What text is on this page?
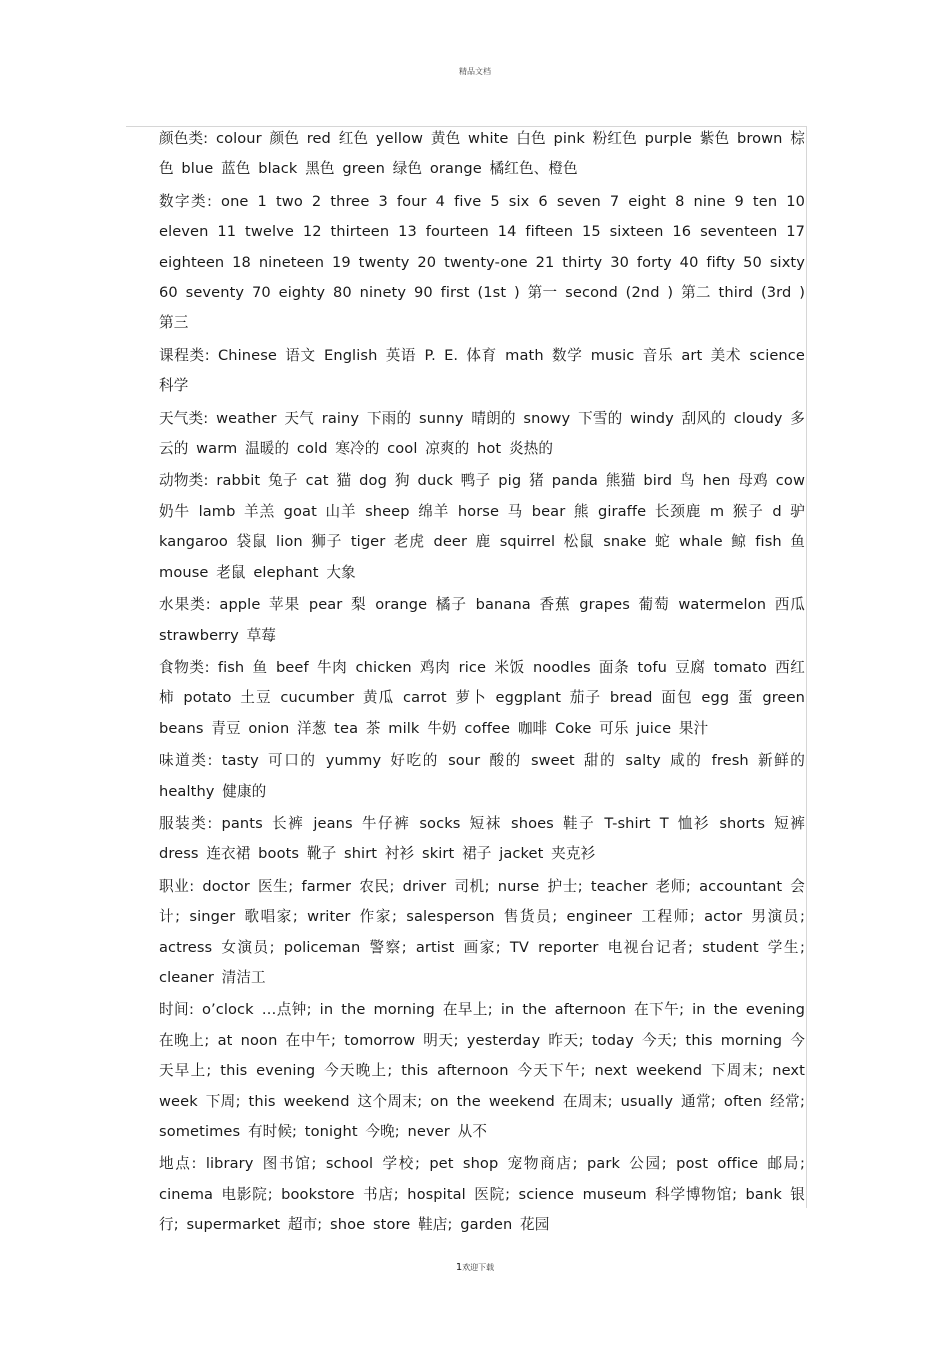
精品文档

颜色类: colour 颜色 red 红色 yellow 黄色 white 白色 pink 粉红色 purple 紫色 brown 棕色 blue 蓝色 black 黑色 green 绿色 orange 橘红色、橙色

数字类: one 1 two 2 three 3 four 4 five 5 six 6 seven 7 eight 8 nine 9 ten 10 eleven 11 twelve 12 thirteen 13 fourteen 14 fifteen 15 sixteen 16 seventeen 17 eighteen 18 nineteen 19 twenty 20 twenty-one 21 thirty 30 forty 40 fifty 50 sixty 60 seventy 70 eighty 80 ninety 90 first (1st ) 第一 second (2nd ) 第二 third (3rd ) 第三

课程类: Chinese 语文 English 英语 P. E. 体育 math 数学 music 音乐 art 美术 science 科学

天气类: weather 天气 rainy 下雨的 sunny 晴朗的 snowy 下雪的 windy 刮风的 cloudy 多云的 warm 温暖的 cold 寒冷的 cool 凉爽的 hot 炎热的

动物类: rabbit 兔子 cat 猫 dog 狗 duck 鸭子 pig 猪 panda 熊猫 bird 鸟 hen 母鸡 cow 奶牛 lamb 羊羔 goat 山羊 sheep 绵羊 horse 马 bear 熊 giraffe 长颈鹿 m 猴子 d 驴 kangaroo 袋鼠 lion 狮子 tiger 老虎 deer 鹿 squirrel 松鼠 snake 蛇 whale 鲸 fish 鱼 mouse 老鼠 elephant 大象

水果类: apple 苹果 pear 梨 orange 橘子 banana 香蕉 grapes 葡萄 watermelon 西瓜 strawberry 草莓

食物类: fish 鱼 beef 牛肉 chicken 鸡肉 rice 米饭 noodles 面条 tofu 豆腐 tomato 西红柿 potato 土豆 cucumber 黄瓜 carrot 萝卜 eggplant 茄子 bread 面包 egg 蛋 green beans 青豆 onion 洋葱 tea 茶 milk 牛奶 coffee 咖啡 Coke 可乐 juice 果汁

味道类: tasty 可口的 yummy 好吃的 sour 酸的 sweet 甜的 salty 咸的 fresh 新鲜的 healthy 健康的

服装类: pants 长裤 jeans 牛仔裤 socks 短袜 shoes 鞋子 T-shirt T 恤衫 shorts 短裤 dress 连衣裙 boots 靴子 shirt 衬衫 skirt 裙子 jacket 夹克衫

职业: doctor 医生; farmer 农民; driver 司机; nurse 护士; teacher 老师; accountant 会计; singer 歌唱家; writer 作家; salesperson 售货员; engineer 工程师; actor 男演员; actress 女演员; policeman 警察; artist 画家; TV reporter 电视台记者; student 学生; cleaner 清洁工

时间: o’clock …点钟; in the morning 在早上; in the afternoon 在下午; in the evening 在晚上; at noon 在中午; tomorrow 明天; yesterday 昨天; today 今天; this morning 今天早上; this evening 今天晚上; this afternoon 今天下午; next weekend 下周末; next week 下周; this weekend 这个周末; on the weekend 在周末; usually 通常; often 经常; sometimes 有时候; tonight 今晚; never 从不

地点: library 图书馆; school 学校; pet shop 宠物商店; park 公园; post office 邮局; cinema 电影院; bookstore 书店; hospital 医院; science museum 科学博物馆; bank 银行; supermarket 超市; shoe store 鞋店; garden 花园

1欢迎下载
